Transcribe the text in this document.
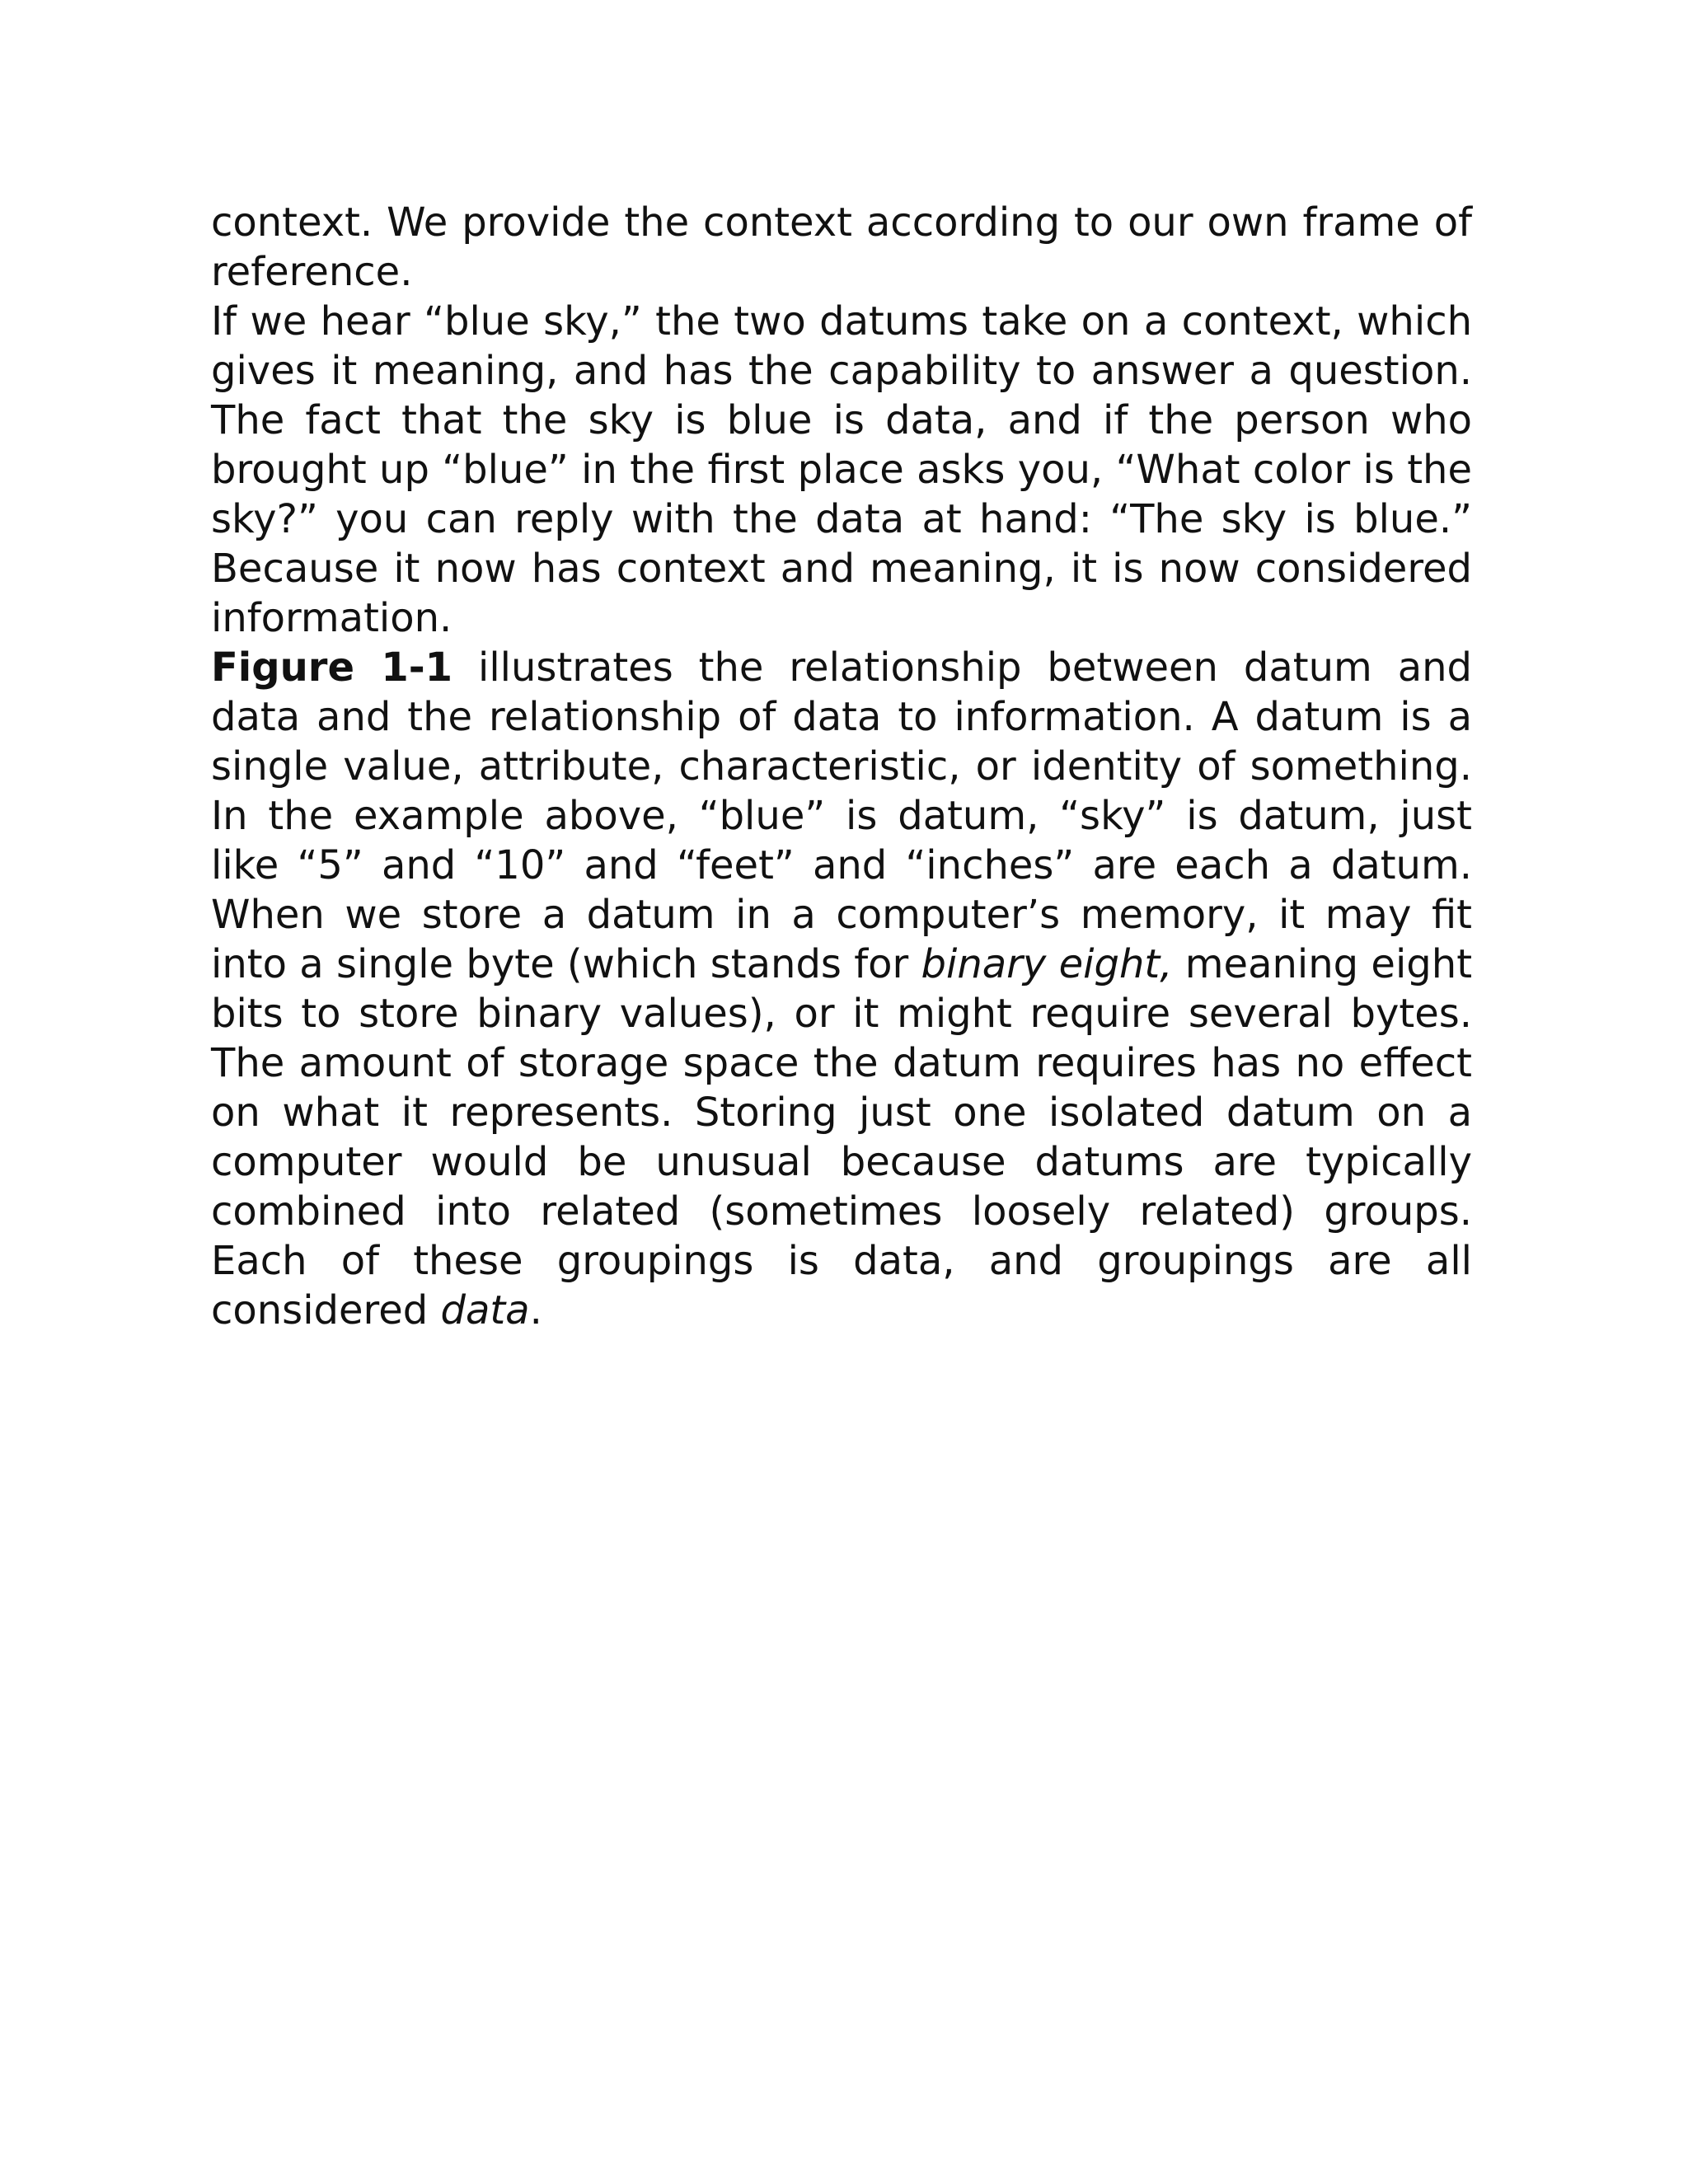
context. We provide the context according to our own frame of reference.

If we hear “blue sky,” the two datums take on a context, which gives it meaning, and has the capability to answer a question. The fact that the sky is blue is data, and if the person who brought up “blue” in the first place asks you, “What color is the sky?” you can reply with the data at hand: “The sky is blue.” Because it now has context and meaning, it is now considered information.

Figure 1-1 illustrates the relationship between datum and data and the relationship of data to information. A datum is a single value, attribute, characteristic, or identity of something. In the example above, “blue” is datum, “sky” is datum, just like “5” and “10” and “feet” and “inches” are each a datum. When we store a datum in a computer’s memory, it may fit into a single byte (which stands for binary eight, meaning eight bits to store binary values), or it might require several bytes. The amount of storage space the datum requires has no effect on what it represents. Storing just one isolated datum on a computer would be unusual because datums are typically combined into related (sometimes loosely related) groups. Each of these groupings is data, and groupings are all considered data.
